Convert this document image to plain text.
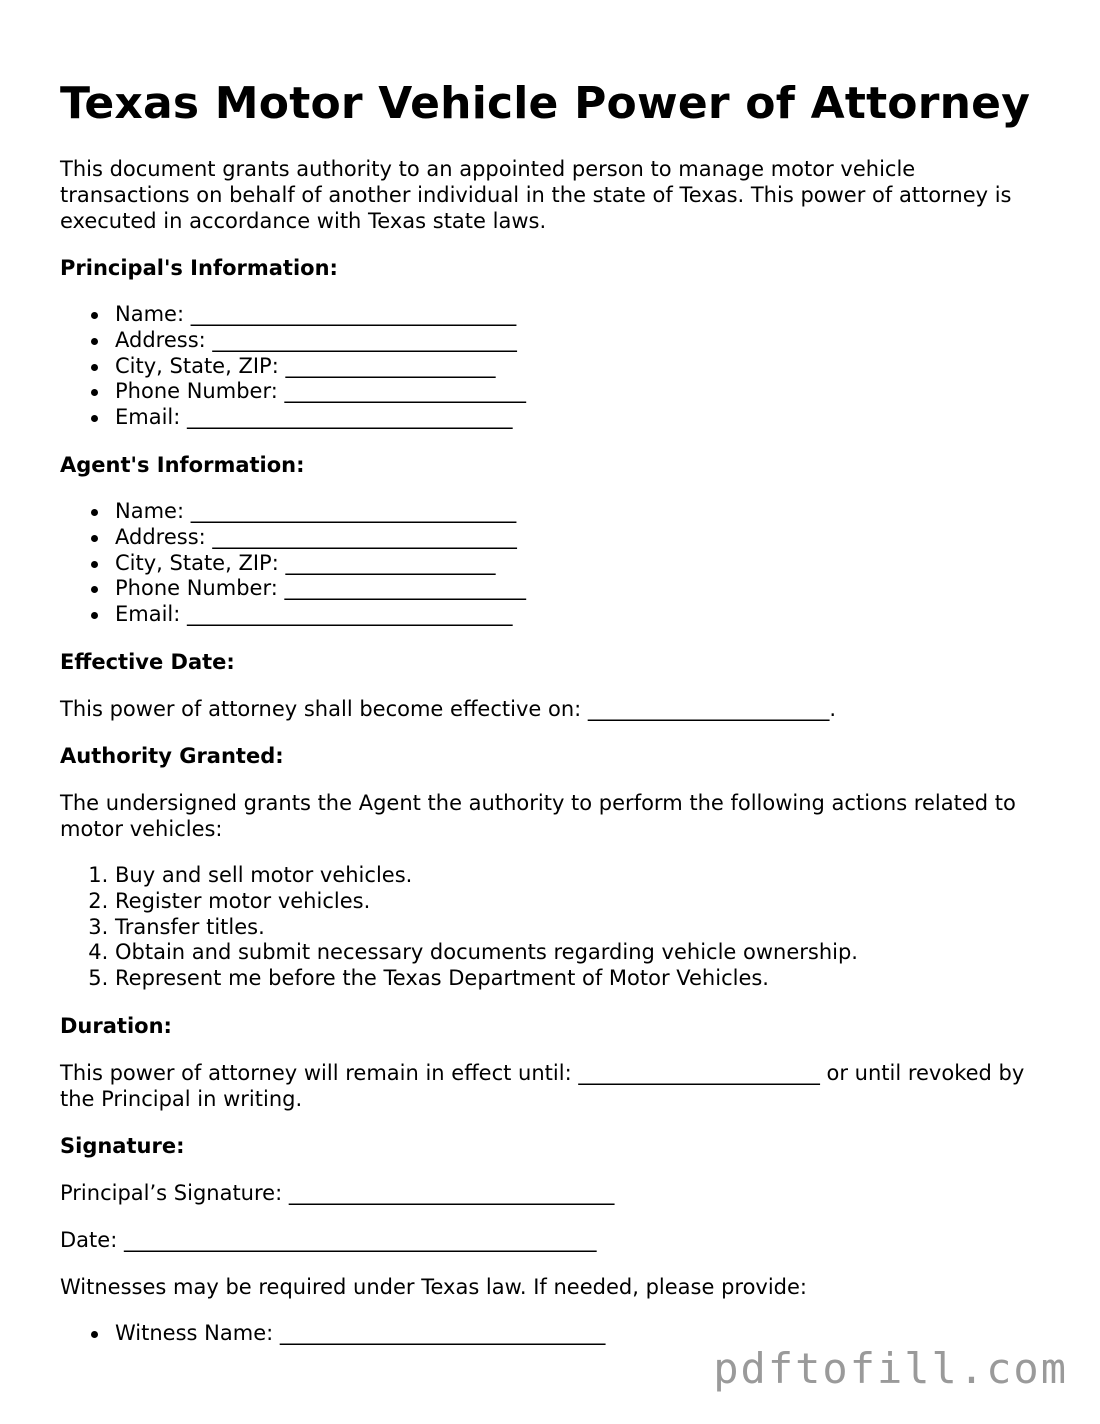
Texas Motor Vehicle Power of Attorney

This document grants authority to an appointed person to manage motor vehicle transactions on behalf of another individual in the state of Texas. This power of attorney is executed in accordance with Texas state laws.

Principal's Information:
Name: _______________________________
Address: _____________________________
City, State, ZIP: ____________________
Phone Number: _______________________
Email: _______________________________
Agent's Information:
Name: _______________________________
Address: _____________________________
City, State, ZIP: ____________________
Phone Number: _______________________
Email: _______________________________
Effective Date:

This power of attorney shall become effective on: _______________________.

Authority Granted:

The undersigned grants the Agent the authority to perform the following actions related to motor vehicles:

1. Buy and sell motor vehicles.
2. Register motor vehicles.
3. Transfer titles.
4. Obtain and submit necessary documents regarding vehicle ownership.
5. Represent me before the Texas Department of Motor Vehicles.
Duration:

This power of attorney will remain in effect until: _______________________ or until revoked by the Principal in writing.

Signature:

Principal’s Signature: _______________________________

Date: _____________________________________________

Witnesses may be required under Texas law. If needed, please provide:

Witness Name: _______________________________
pdftofill.com
